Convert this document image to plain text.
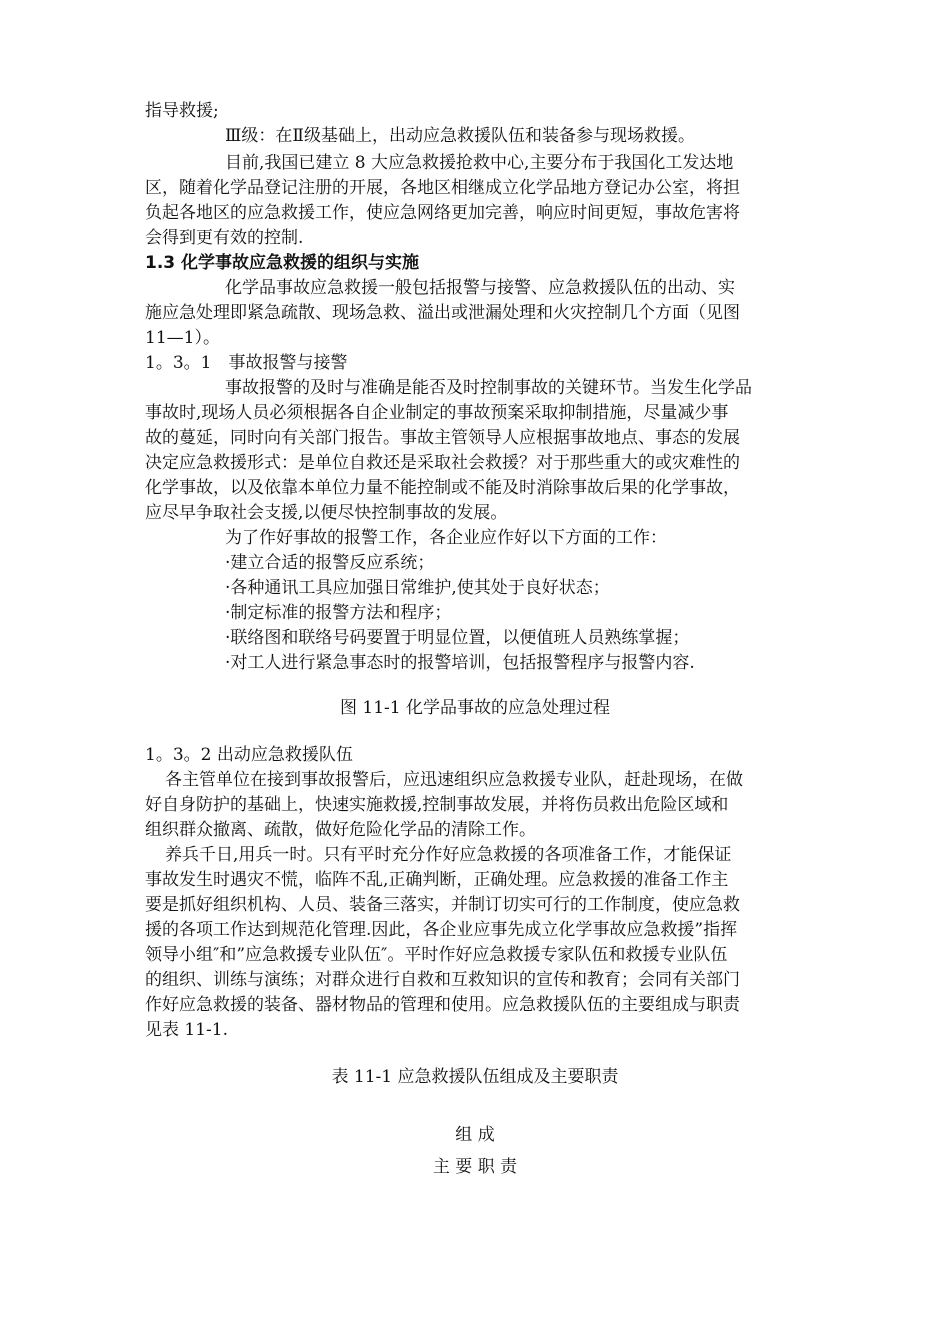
指导救援;
Ⅲ级：在Ⅱ级基础上，出动应急救援队伍和装备参与现场救援。
目前,我国已建立 8 大应急救援抢救中心,主要分布于我国化工发达地
区，随着化学品登记注册的开展，各地区相继成立化学品地方登记办公室，将担
负起各地区的应急救援工作，使应急网络更加完善，响应时间更短，事故危害将
会得到更有效的控制.
1.3 化学事故应急救援的组织与实施
化学品事故应急救援一般包括报警与接警、应急救援队伍的出动、实
施应急处理即紧急疏散、现场急救、溢出或泄漏处理和火灾控制几个方面（见图
11—1）。
1。3。1　事故报警与接警
事故报警的及时与准确是能否及时控制事故的关键环节。当发生化学品
事故时,现场人员必须根据各自企业制定的事故预案采取抑制措施，尽量减少事
故的蔓延，同时向有关部门报告。事故主管领导人应根据事故地点、事态的发展
决定应急救援形式：是单位自救还是采取社会救援？对于那些重大的或灾难性的
化学事故，以及依靠本单位力量不能控制或不能及时消除事故后果的化学事故，
应尽早争取社会支援,以便尽快控制事故的发展。
为了作好事故的报警工作，各企业应作好以下方面的工作：
·建立合适的报警反应系统；
·各种通讯工具应加强日常维护,使其处于良好状态；
·制定标准的报警方法和程序；
·联络图和联络号码要置于明显位置，以便值班人员熟练掌握；
·对工人进行紧急事态时的报警培训，包括报警程序与报警内容.
图 11-1 化学品事故的应急处理过程
1。3。2 出动应急救援队伍
各主管单位在接到事故报警后，应迅速组织应急救援专业队，赶赴现场，在做
好自身防护的基础上，快速实施救援,控制事故发展，并将伤员救出危险区域和
组织群众撤离、疏散，做好危险化学品的清除工作。
养兵千日,用兵一时。只有平时充分作好应急救援的各项准备工作，才能保证
事故发生时遇灾不慌，临阵不乱,正确判断，正确处理。应急救援的准备工作主
要是抓好组织机构、人员、装备三落实，并制订切实可行的工作制度，使应急救
援的各项工作达到规范化管理.因此，各企业应事先成立化学事故应急救援”指挥
领导小组″和”应急救援专业队伍″。平时作好应急救援专家队伍和救援专业队伍
的组织、训练与演练；对群众进行自救和互救知识的宣传和教育；会同有关部门
作好应急救援的装备、器材物品的管理和使用。应急救援队伍的主要组成与职责
见表 11-1.
表 11-1 应急救援队伍组成及主要职责
组 成
主 要 职 责
